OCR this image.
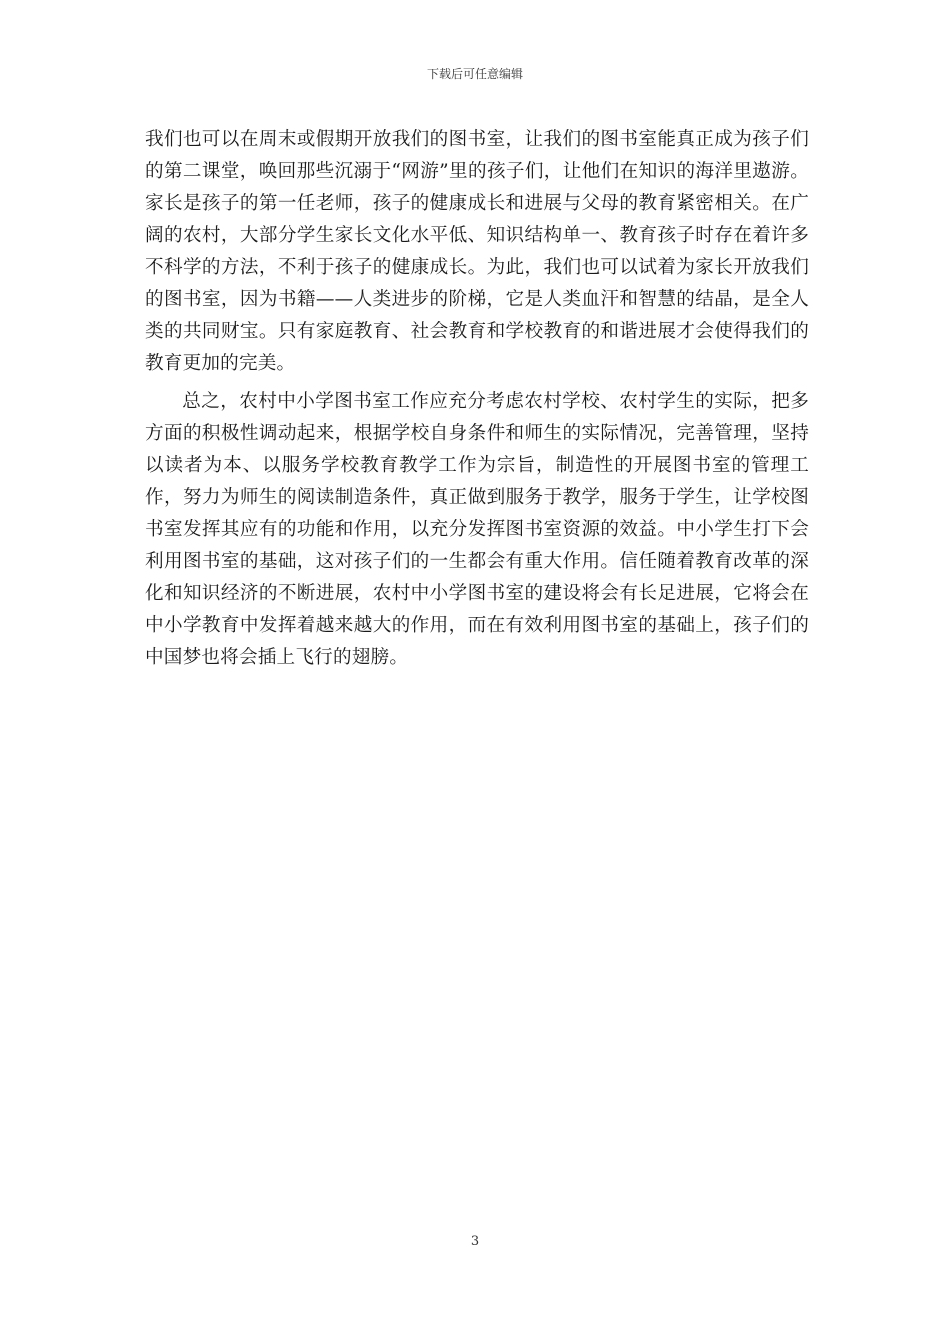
下载后可任意编辑

我们也可以在周末或假期开放我们的图书室，让我们的图书室能真正成为孩子们的第二课堂，唤回那些沉溺于“网游”里的孩子们，让他们在知识的海洋里遨游。家长是孩子的第一任老师，孩子的健康成长和进展与父母的教育紧密相关。在广阔的农村，大部分学生家长文化水平低、知识结构单一、教育孩子时存在着许多不科学的方法，不利于孩子的健康成长。为此，我们也可以试着为家长开放我们的图书室，因为书籍——人类进步的阶梯，它是人类血汗和智慧的结晶，是全人类的共同财宝。只有家庭教育、社会教育和学校教育的和谐进展才会使得我们的教育更加的完美。

总之，农村中小学图书室工作应充分考虑农村学校、农村学生的实际，把多方面的积极性调动起来，根据学校自身条件和师生的实际情况，完善管理，坚持以读者为本、以服务学校教育教学工作为宗旨，制造性的开展图书室的管理工作，努力为师生的阅读制造条件，真正做到服务于教学，服务于学生，让学校图书室发挥其应有的功能和作用，以充分发挥图书室资源的效益。中小学生打下会利用图书室的基础，这对孩子们的一生都会有重大作用。信任随着教育改革的深化和知识经济的不断进展，农村中小学图书室的建设将会有长足进展，它将会在中小学教育中发挥着越来越大的作用，而在有效利用图书室的基础上，孩子们的中国梦也将会插上飞行的翅膀。

3
